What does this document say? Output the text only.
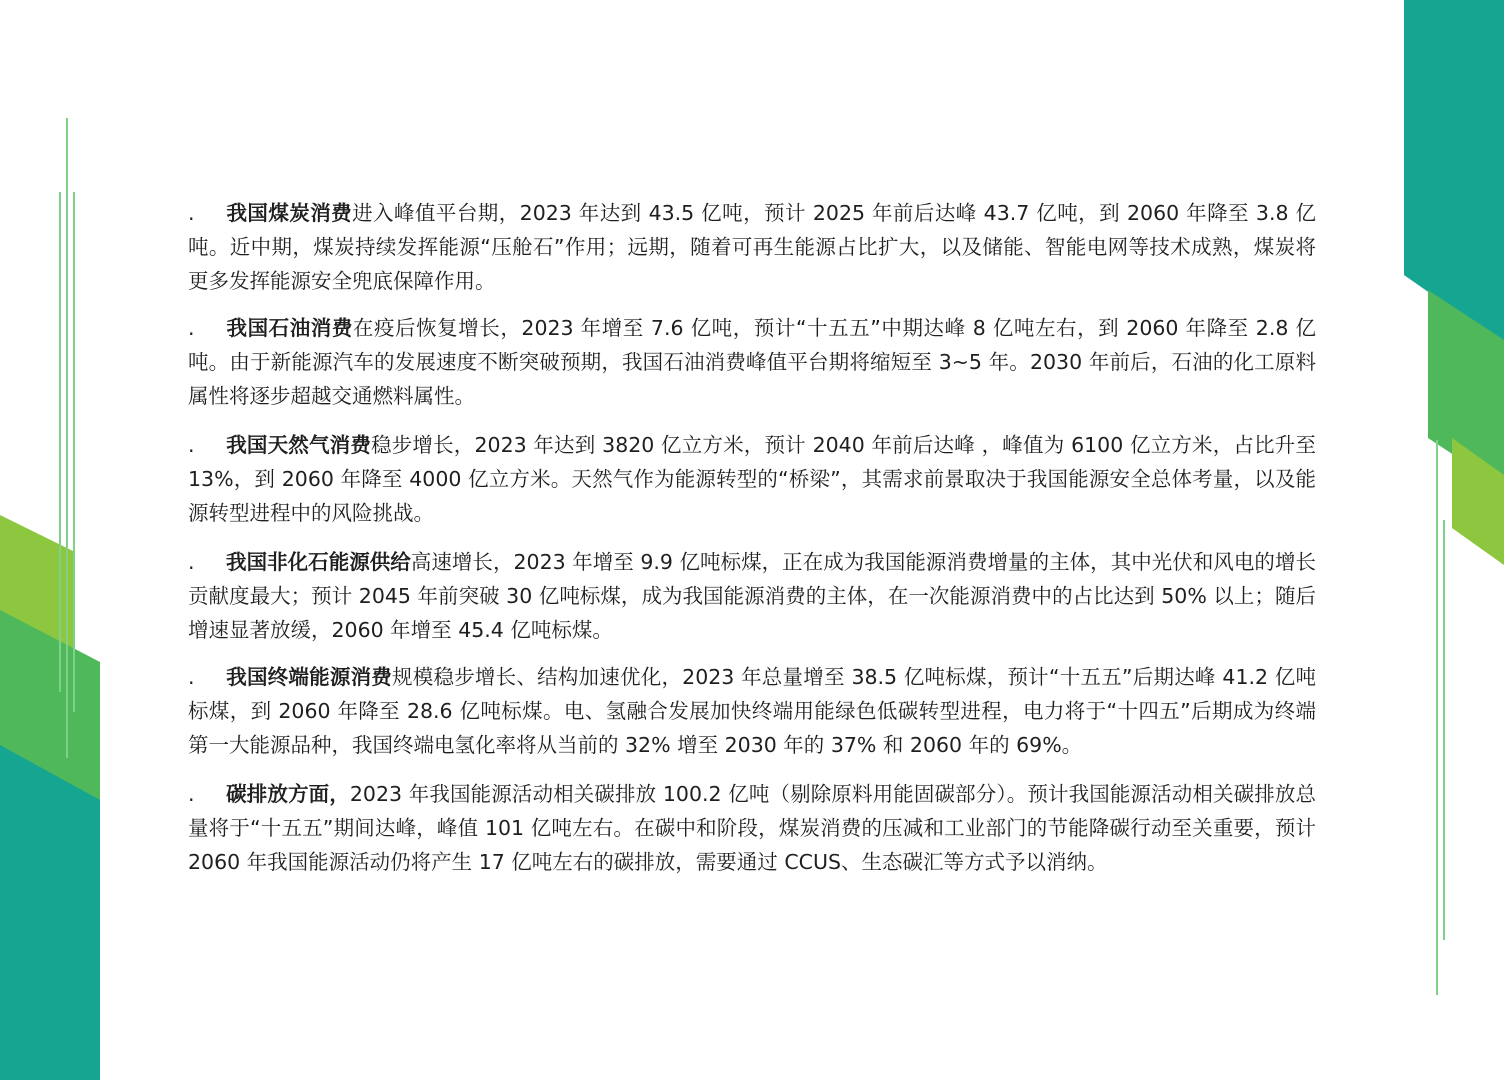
. 我国煤炭消费进入峰值平台期，2023 年达到 43.5 亿吨，预计 2025 年前后达峰 43.7 亿吨，到 2060 年降至 3.8 亿吨。近中期，煤炭持续发挥能源“压舱石”作用；远期，随着可再生能源占比扩大，以及储能、智能电网等技术成熟，煤炭将更多发挥能源安全兜底保障作用。

. 我国石油消费在疫后恢复增长，2023 年增至 7.6 亿吨，预计“十五五”中期达峰 8 亿吨左右，到 2060 年降至 2.8 亿吨。由于新能源汽车的发展速度不断突破预期，我国石油消费峰值平台期将缩短至 3~5 年。2030 年前后，石油的化工原料属性将逐步超越交通燃料属性。

. 我国天然气消费稳步增长，2023 年达到 3820 亿立方米，预计 2040 年前后达峰 ，峰值为 6100 亿立方米，占比升至 13%，到 2060 年降至 4000 亿立方米。天然气作为能源转型的“桥梁”，其需求前景取决于我国能源安全总体考量，以及能源转型进程中的风险挑战。

. 我国非化石能源供给高速增长，2023 年增至 9.9 亿吨标煤，正在成为我国能源消费增量的主体，其中光伏和风电的增长贡献度最大；预计 2045 年前突破 30 亿吨标煤，成为我国能源消费的主体，在一次能源消费中的占比达到 50% 以上；随后增速显著放缓，2060 年增至 45.4 亿吨标煤。

. 我国终端能源消费规模稳步增长、结构加速优化，2023 年总量增至 38.5 亿吨标煤，预计“十五五”后期达峰 41.2 亿吨标煤，到 2060 年降至 28.6 亿吨标煤。电、氢融合发展加快终端用能绿色低碳转型进程，电力将于“十四五”后期成为终端第一大能源品种，我国终端电氢化率将从当前的 32% 增至 2030 年的 37% 和 2060 年的 69%。

. 碳排放方面，2023 年我国能源活动相关碳排放 100.2 亿吨（剔除原料用能固碳部分）。预计我国能源活动相关碳排放总量将于“十五五”期间达峰，峰值 101 亿吨左右。在碳中和阶段，煤炭消费的压减和工业部门的节能降碳行动至关重要，预计 2060 年我国能源活动仍将产生 17 亿吨左右的碳排放，需要通过 CCUS、生态碳汇等方式予以消纳。
